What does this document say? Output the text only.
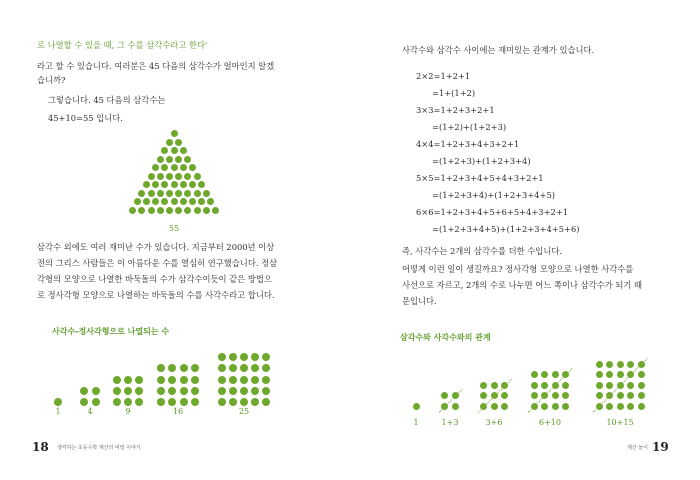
로 나열할 수 있을 때, 그 수를 삼각수라고 한다'

라고 할 수 있습니다. 여러분은 45 다음의 삼각수가 얼마인지 알겠

습니까?

그렇습니다. 45 다음의 삼각수는

45+10=55 입니다.

55

삼각수 외에도 여러 재미난 수가 있습니다. 지금부터 2000년 이상

전의 그리스 사람들은 이 아름다운 수를 열심히 연구했습니다. 정삼

각형의 모양으로 나열한 바둑돌의 수가 삼각수이듯이 같은 방법으

로 정사각형 모양으로 나열하는 바둑돌의 수를 사각수라고 합니다.

사각수-정사각형으로 나열되는 수
1	4	9	16	25
18 생각하는 초등수학 계산의 비밀 이야기

사각수와 삼각수 사이에는 재미있는 관계가 있습니다.

2×2=1+2+1

=1+(1+2)

3×3=1+2+3+2+1

=(1+2)+(1+2+3)

4×4=1+2+3+4+3+2+1

=(1+2+3)+(1+2+3+4)

5×5=1+2+3+4+5+4+3+2+1

=(1+2+3+4)+(1+2+3+4+5)

6×6=1+2+3+4+5+6+5+4+3+2+1

=(1+2+3+4+5)+(1+2+3+4+5+6)

즉, 사각수는 2개의 삼각수를 더한 수입니다.

어떻게 이런 일이 생길까요? 정사각형 모양으로 나열한 사각수를

사선으로 자르고, 2개의 수로 나누면 어느 쪽이나 삼각수가 되기 때

문입니다.

삼각수와 사각수와의 관계
1	1+3	3+6	6+10	10+15
계산 놀이 19
